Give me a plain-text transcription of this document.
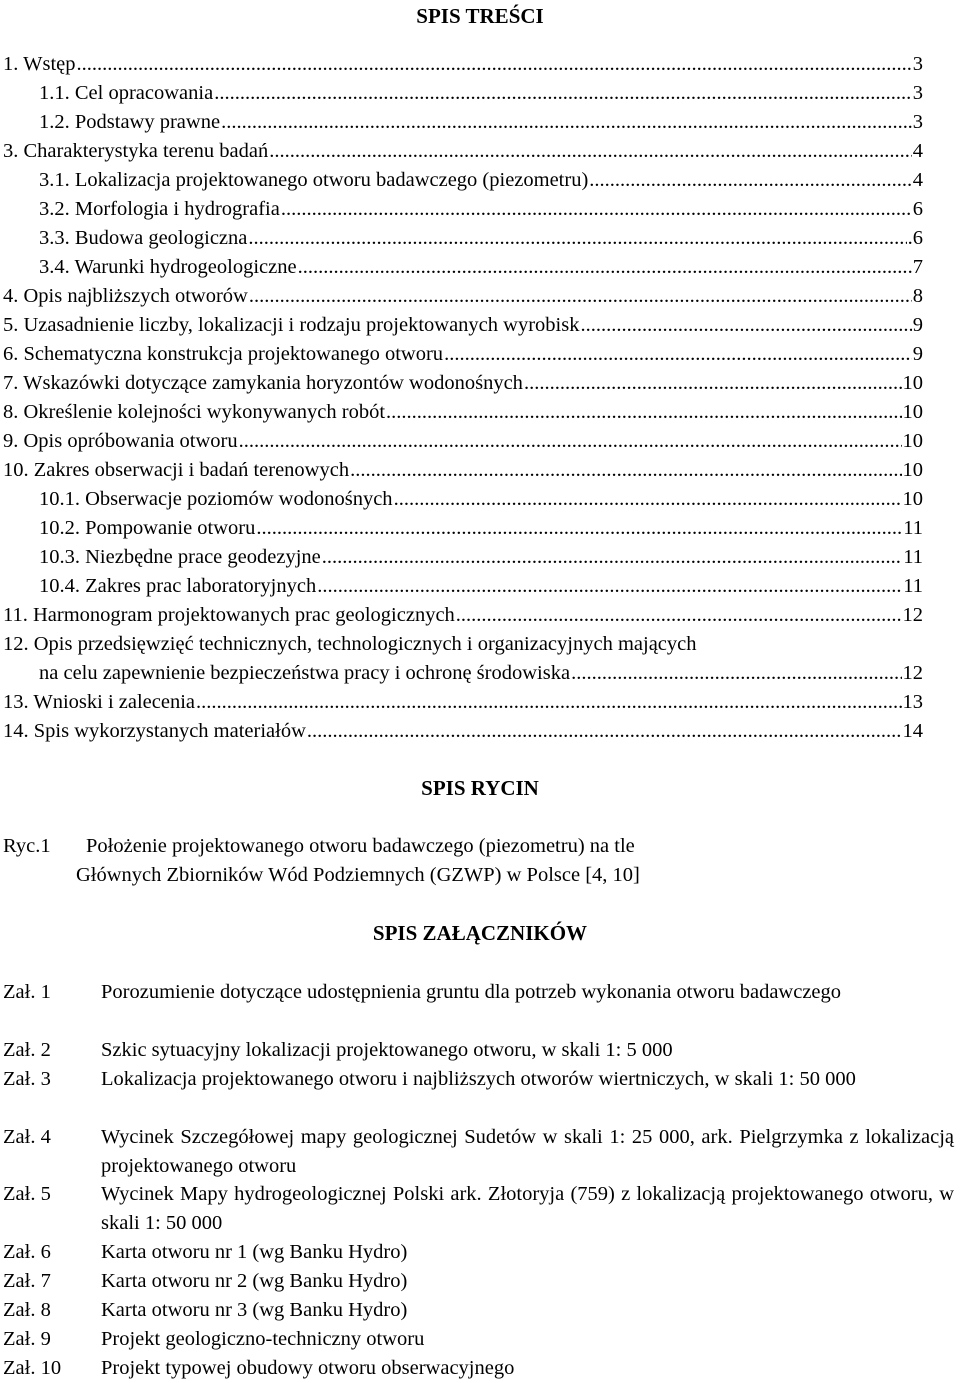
SPIS TREŚCI
1. Wstęp .....	3
1.1. Cel opracowania .....	3
1.2. Podstawy prawne .....	.3
3. Charakterystyka terenu badań .....	4
3.1. Lokalizacja projektowanego otworu badawczego (piezometru) .....	4
3.2. Morfologia i hydrografia .....	6
3.3. Budowa geologiczna .....	.6
3.4. Warunki hydrogeologiczne .....	.7
4. Opis najbliższych otworów .....	8
5. Uzasadnienie liczby, lokalizacji i rodzaju projektowanych wyrobisk .....	9
6. Schematyczna konstrukcja projektowanego otworu .....	9
7. Wskazówki dotyczące zamykania horyzontów wodonośnych .....	10
8. Określenie kolejności wykonywanych robót .....	10
9. Opis opróbowania otworu .....	10
10. Zakres obserwacji i badań terenowych .....	10
10.1. Obserwacje poziomów wodonośnych .....	10
10.2. Pompowanie otworu .....	11
10.3. Niezbędne prace geodezyjne .....	11
10.4. Zakres prac laboratoryjnych .....	11
11. Harmonogram projektowanych prac geologicznych .....	12
12. Opis przedsięwzięć technicznych, technologicznych i organizacyjnych mających
na celu zapewnienie bezpieczeństwa pracy i ochronę środowiska .....	12
13. Wnioski i zalecenia .....	13
14. Spis wykorzystanych materiałów .....	14
SPIS RYCIN
Ryc.1 Położenie projektowanego otworu badawczego (piezometru) na tle
Głównych Zbiorników Wód Podziemnych (GZWP) w Polsce [4, 10]
SPIS ZAŁĄCZNIKÓW
Zał. 1 Porozumienie dotyczące udostępnienia gruntu dla potrzeb wykonania otworu badawczego

Zał. 2 Szkic sytuacyjny lokalizacji projektowanego otworu, w skali 1: 5 000

Zał. 3 Lokalizacja projektowanego otworu i najbliższych otworów wiertniczych, w skali 1: 50 000

Zał. 4 Wycinek Szczegółowej mapy geologicznej Sudetów w skali 1: 25 000, ark. Pielgrzymka z lokalizacją projektowanego otworu

Zał. 5 Wycinek Mapy hydrogeologicznej Polski ark. Złotoryja (759) z lokalizacją projektowanego otworu, w skali 1: 50 000

Zał. 6 Karta otworu nr 1 (wg Banku Hydro)

Zał. 7 Karta otworu nr 2 (wg Banku Hydro)

Zał. 8 Karta otworu nr 3 (wg Banku Hydro)

Zał. 9 Projekt geologiczno-techniczny otworu

Zał. 10 Projekt typowej obudowy otworu obserwacyjnego
